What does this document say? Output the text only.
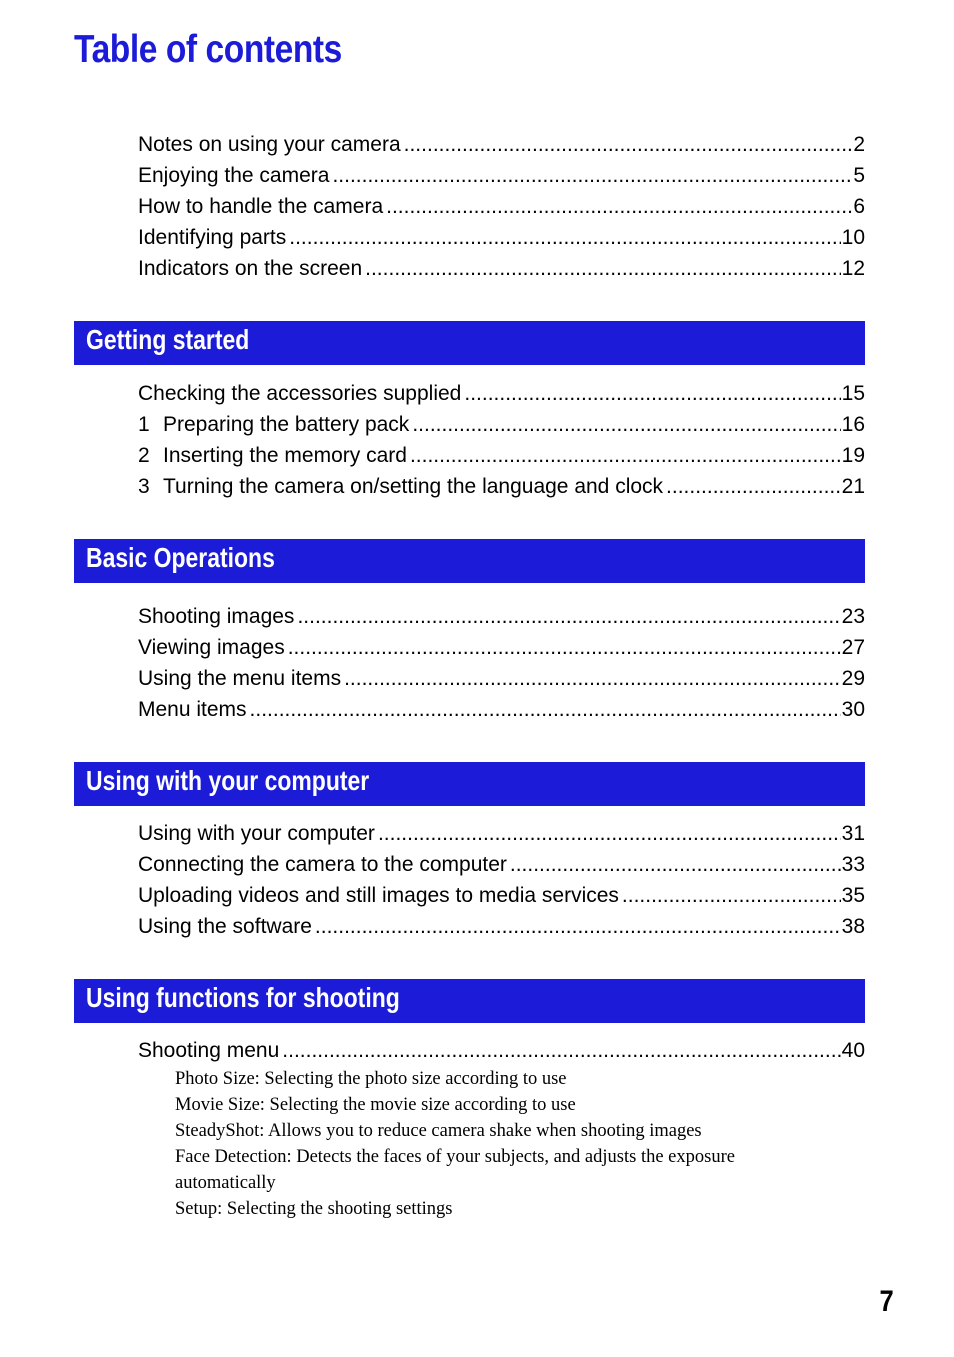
Table of contents
Notes on using your camera .....	2
Enjoying the camera .....	5
How to handle the camera .....	6
Identifying parts .....	10
Indicators on the screen .....	12
Getting started
Checking the accessories supplied .....	15
1 Preparing the battery pack .....	16
2 Inserting the memory card .....	19
3 Turning the camera on/setting the language and clock .....	21
Basic Operations
Shooting images .....	23
Viewing images .....	27
Using the menu items .....	29
Menu items .....	30
Using with your computer
Using with your computer .....	31
Connecting the camera to the computer .....	33
Uploading videos and still images to media services .....	35
Using the software .....	38
Using functions for shooting
Shooting menu .....	40
Photo Size: Selecting the photo size according to use
Movie Size: Selecting the movie size according to use
SteadyShot: Allows you to reduce camera shake when shooting images
Face Detection: Detects the faces of your subjects, and adjusts the exposure automatically
Setup: Selecting the shooting settings
7
